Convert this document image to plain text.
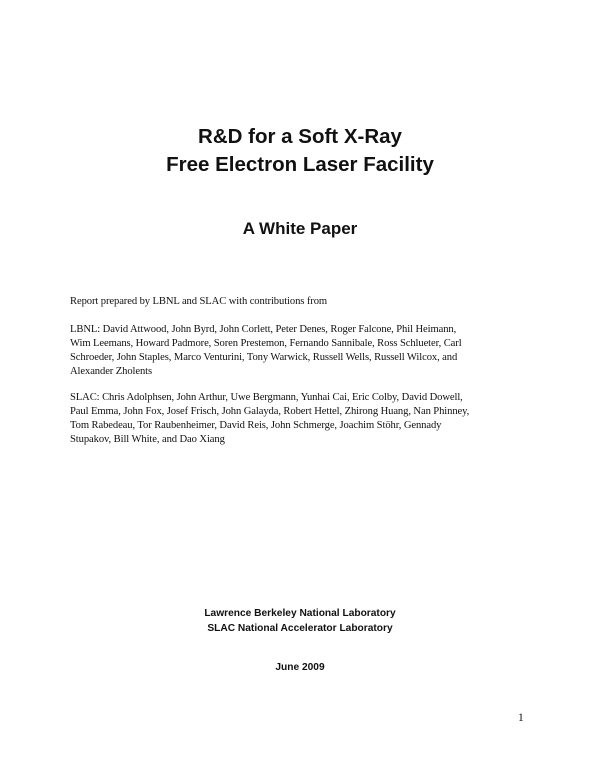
R&D for a Soft X-Ray
Free Electron Laser Facility
A White Paper
Report prepared by LBNL and SLAC with contributions from
LBNL: David Attwood, John Byrd, John Corlett, Peter Denes, Roger Falcone, Phil Heimann,
Wim Leemans, Howard Padmore, Soren Prestemon, Fernando Sannibale, Ross Schlueter, Carl
Schroeder, John Staples, Marco Venturini, Tony Warwick, Russell Wells, Russell Wilcox, and
Alexander Zholents
SLAC: Chris Adolphsen, John Arthur, Uwe Bergmann, Yunhai Cai, Eric Colby, David Dowell,
Paul Emma, John Fox, Josef Frisch, John Galayda, Robert Hettel, Zhirong Huang, Nan Phinney,
Tom Rabedeau, Tor Raubenheimer, David Reis, John Schmerge, Joachim Stöhr, Gennady
Stupakov, Bill White, and Dao Xiang
Lawrence Berkeley National Laboratory
SLAC National Accelerator Laboratory
June 2009
1
